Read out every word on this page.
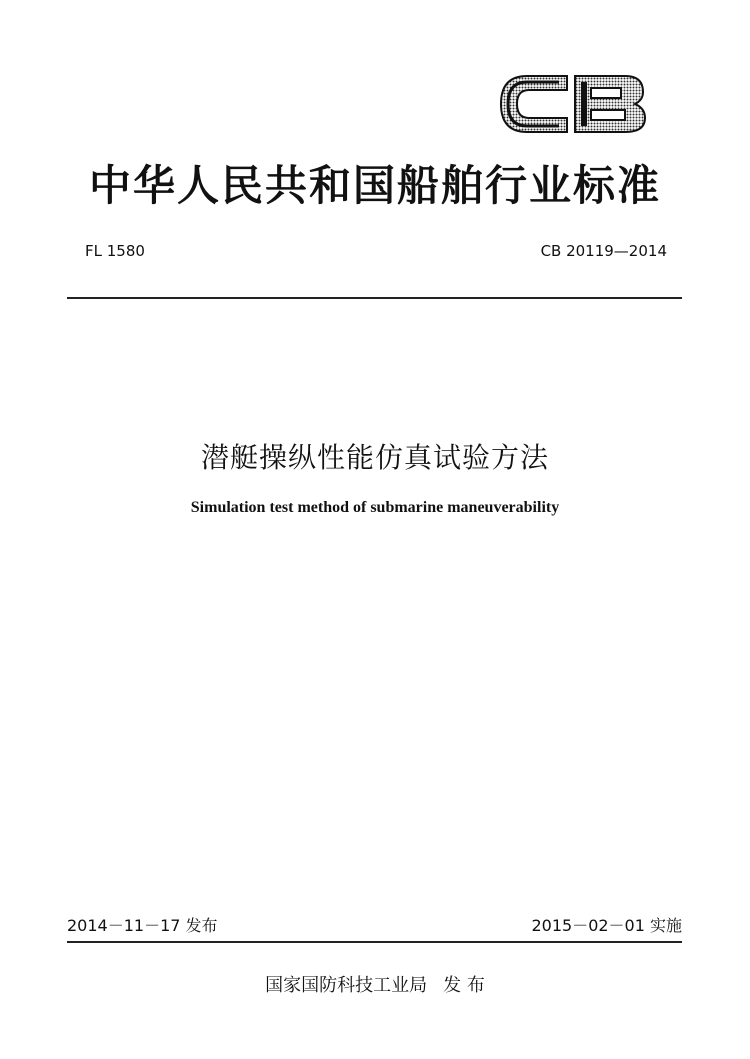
中华人民共和国船舶行业标准
FL 1580	CB 20119—2014
潜艇操纵性能仿真试验方法
Simulation test method of submarine maneuverability
2014－11－17 发布	2015－02－01 实施
国家国防科技工业局 发 布
